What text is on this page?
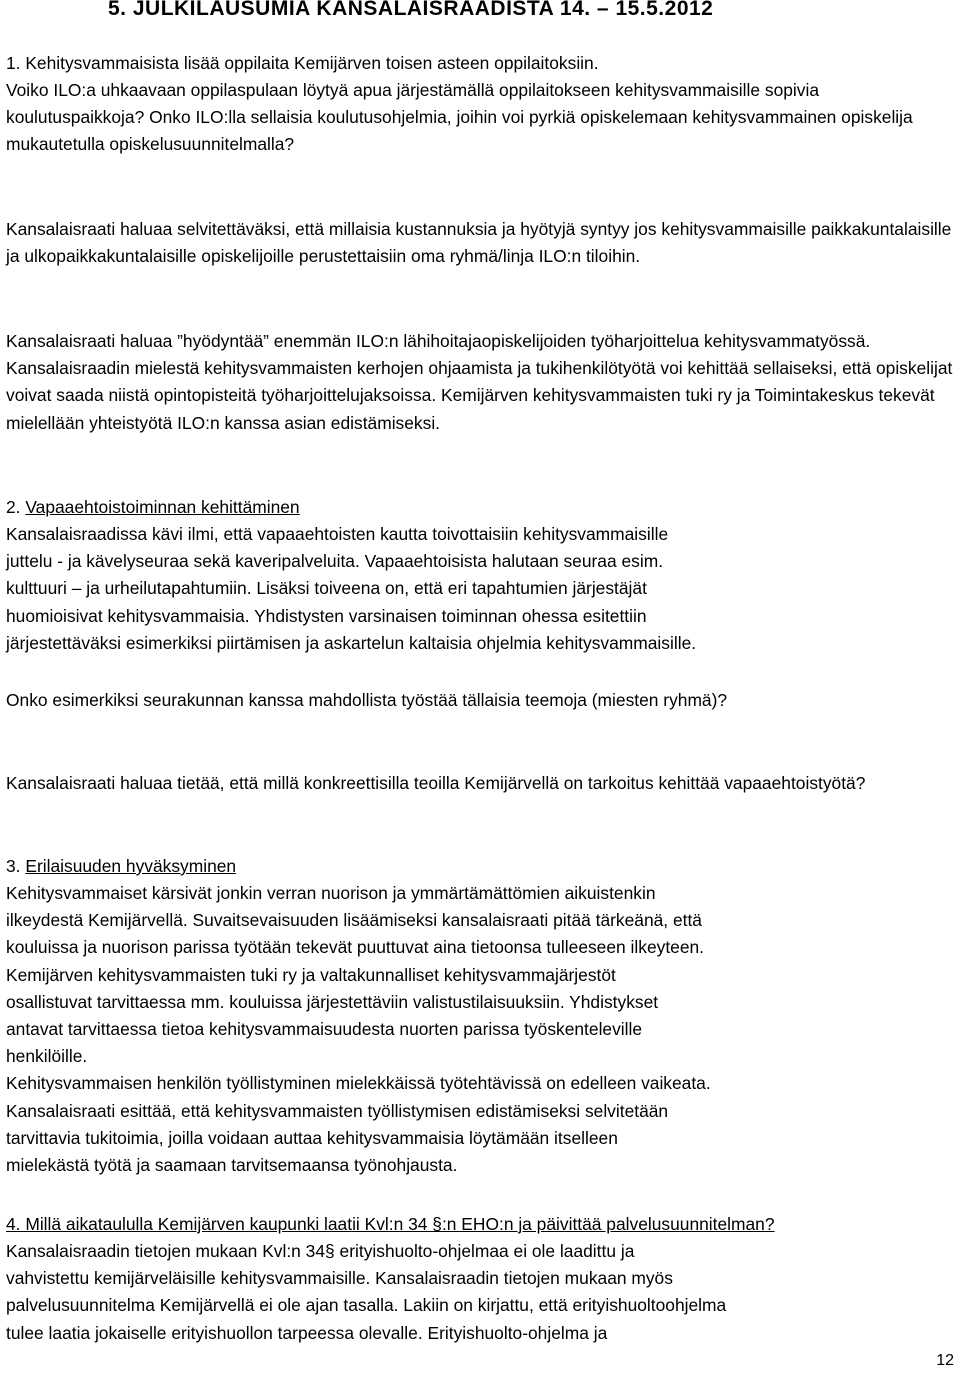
5. JULKILAUSUMIA KANSALAISRAADISTA 14. – 15.5.2012

1. Kehitysvammaisista lisää oppilaita Kemijärven toisen asteen oppilaitoksiin.

Voiko ILO:a uhkaavaan oppilaspulaan löytyä apua järjestämällä oppilaitokseen kehitysvammaisille sopivia koulutuspaikkoja? Onko ILO:lla sellaisia koulutusohjelmia, joihin voi pyrkiä opiskelemaan kehitysvammainen opiskelija mukautetulla opiskelusuunnitelmalla?

Kansalaisraati haluaa selvitettäväksi, että millaisia kustannuksia ja hyötyjä syntyy jos kehitysvammaisille paikkakuntalaisille ja ulkopaikkakuntalaisille opiskelijoille perustettaisiin oma ryhmä/linja ILO:n tiloihin.

Kansalaisraati haluaa ”hyödyntää” enemmän ILO:n lähihoitajaopiskelijoiden työharjoittelua kehitysvammatyössä. Kansalaisraadin mielestä kehitysvammaisten kerhojen ohjaamista ja tukihenkilötyötä voi kehittää sellaiseksi, että opiskelijat voivat saada niistä opintopisteitä työharjoittelujaksoissa. Kemijärven kehitysvammaisten tuki ry ja Toimintakeskus tekevät mielellään yhteistyötä ILO:n kanssa asian edistämiseksi.

2. Vapaaehtoistoiminnan kehittäminen

Kansalaisraadissa kävi ilmi, että vapaaehtoisten kautta toivottaisiin kehitysvammaisille
juttelu - ja kävelyseuraa sekä kaveripalveluita. Vapaaehtoisista halutaan seuraa esim.
kulttuuri – ja urheilutapahtumiin. Lisäksi toiveena on, että eri tapahtumien järjestäjät
huomioisivat kehitysvammaisia. Yhdistysten varsinaisen toiminnan ohessa esitettiin
järjestettäväksi esimerkiksi piirtämisen ja askartelun kaltaisia ohjelmia kehitysvammaisille.

Onko esimerkiksi seurakunnan kanssa mahdollista työstää tällaisia teemoja (miesten ryhmä)?

Kansalaisraati haluaa tietää, että millä konkreettisilla teoilla Kemijärvellä on tarkoitus kehittää vapaaehtoistyötä?

3. Erilaisuuden hyväksyminen

Kehitysvammaiset kärsivät jonkin verran nuorison ja ymmärtämättömien aikuistenkin
ilkeydestä Kemijärvellä. Suvaitsevaisuuden lisäämiseksi kansalaisraati pitää tärkeänä, että
kouluissa ja nuorison parissa työtään tekevät puuttuvat aina tietoonsa tulleeseen ilkeyteen.
Kemijärven kehitysvammaisten tuki ry ja valtakunnalliset kehitysvammajärjestöt
osallistuvat tarvittaessa mm. kouluissa järjestettäviin valistustilaisuuksiin. Yhdistykset
antavat tarvittaessa tietoa kehitysvammaisuudesta nuorten parissa työskenteleville
henkilöille.
Kehitysvammaisen henkilön työllistyminen mielekkäissä työtehtävissä on edelleen vaikeata.
Kansalaisraati esittää, että kehitysvammaisten työllistymisen edistämiseksi selvitetään
tarvittavia tukitoimia, joilla voidaan auttaa kehitysvammaisia löytämään itselleen
mielekästä työtä ja saamaan tarvitsemaansa työnohjausta.

4. Millä aikataululla Kemijärven kaupunki laatii Kvl:n 34 §:n EHO:n ja päivittää palvelusuunnitelman?

Kansalaisraadin tietojen mukaan Kvl:n 34§ erityishuolto-ohjelmaa ei ole laadittu ja
vahvistettu kemijärveläisille kehitysvammaisille. Kansalaisraadin tietojen mukaan myös
palvelusuunnitelma Kemijärvellä ei ole ajan tasalla. Lakiin on kirjattu, että erityishuoltoohjelma
tulee laatia jokaiselle erityishuollon tarpeessa olevalle. Erityishuolto-ohjelma ja

12
